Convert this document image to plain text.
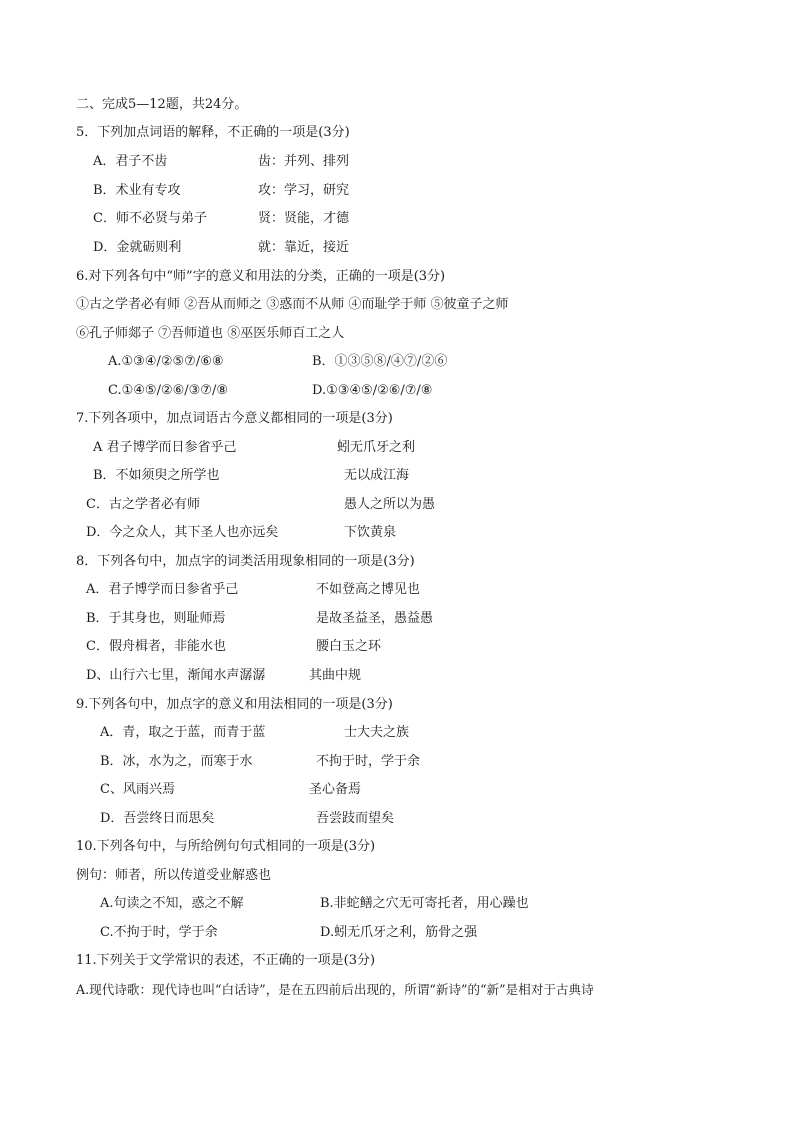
二、完成5—12题，共24分。
5．下列加点词语的解释，不正确的一项是(3分)
A．君子不齿	齿：并列、排列
B．术业有专攻	攻：学习，研究
C．师不必贤与弟子	贤：贤能，才德
D．金就砺则利	就：靠近，接近
6.对下列各句中“师”字的意义和用法的分类，正确的一项是(3分)
①古之学者必有师 ②吾从而师之 ③惑而不从师 ④而耻学于师 ⑤彼童子之师
⑥孔子师郯子 ⑦吾师道也 ⑧巫医乐师百工之人
A.①③④/②⑤⑦/⑥⑧	B．①③⑤⑧/④⑦/②⑥
C.①④⑤/②⑥/③⑦/⑧	D.①③④⑤/②⑥/⑦/⑧
7.下列各项中，加点词语古今意义都相同的一项是(3分)
A 君子博学而日参省乎己	蚓无爪牙之利
B．不如须臾之所学也	无以成江海
C．古之学者必有师	愚人之所以为愚
D．今之众人，其下圣人也亦远矣	下饮黄泉
8．下列各句中，加点字的词类活用现象相同的一项是(3分)
A．君子博学而日参省乎己	不如登高之博见也
B．于其身也，则耻师焉	是故圣益圣，愚益愚
C．假舟楫者，非能水也	腰白玉之环
D、山行六七里，渐闻水声潺潺	其曲中规
9.下列各句中，加点字的意义和用法相同的一项是(3分)
A．青，取之于蓝，而青于蓝	士大夫之族
B．冰，水为之，而寒于水	不拘于时，学于余
C、风雨兴焉	圣心备焉
D．吾尝终日而思矣	吾尝跂而望矣
10.下列各句中，与所给例句句式相同的一项是(3分)
例句：师者，所以传道受业解惑也
A.句读之不知，惑之不解	B.非蛇鳝之穴无可寄托者，用心躁也
C.不拘于时，学于余	D.蚓无爪牙之利，筋骨之强
11.下列关于文学常识的表述，不正确的一项是(3分)
A.现代诗歌：现代诗也叫“白话诗”，是在五四前后出现的，所谓“新诗”的“新”是相对于古典诗
